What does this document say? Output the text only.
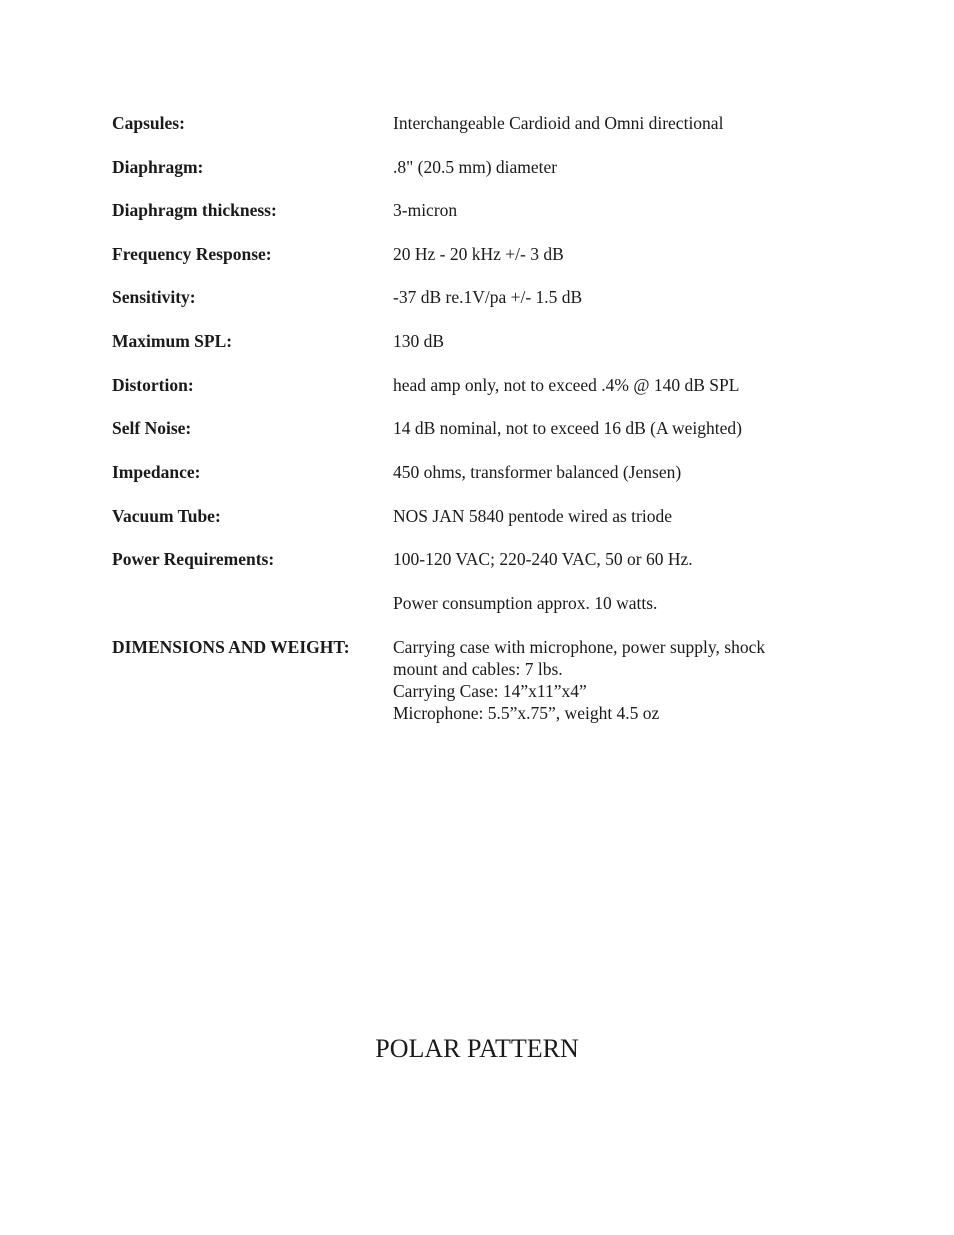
Capsules:	Interchangeable Cardioid and Omni directional
Diaphragm:	.8" (20.5 mm) diameter
Diaphragm thickness:	3-micron
Frequency Response:	20 Hz - 20 kHz +/- 3 dB
Sensitivity:	-37 dB re.1V/pa +/- 1.5 dB
Maximum SPL:	130 dB
Distortion:	head amp only, not to exceed .4% @ 140 dB SPL
Self Noise:	14 dB nominal, not to exceed 16 dB (A weighted)
Impedance:	450 ohms, transformer balanced (Jensen)
Vacuum Tube:	NOS JAN 5840 pentode wired as triode
Power Requirements:	100-120 VAC; 220-240 VAC, 50 or 60 Hz.
Power consumption approx. 10 watts.
DIMENSIONS AND WEIGHT:	Carrying case with microphone, power supply, shock
mount and cables: 7 lbs.
Carrying Case: 14”x11”x4”
Microphone: 5.5”x.75”, weight 4.5 oz
POLAR PATTERN
